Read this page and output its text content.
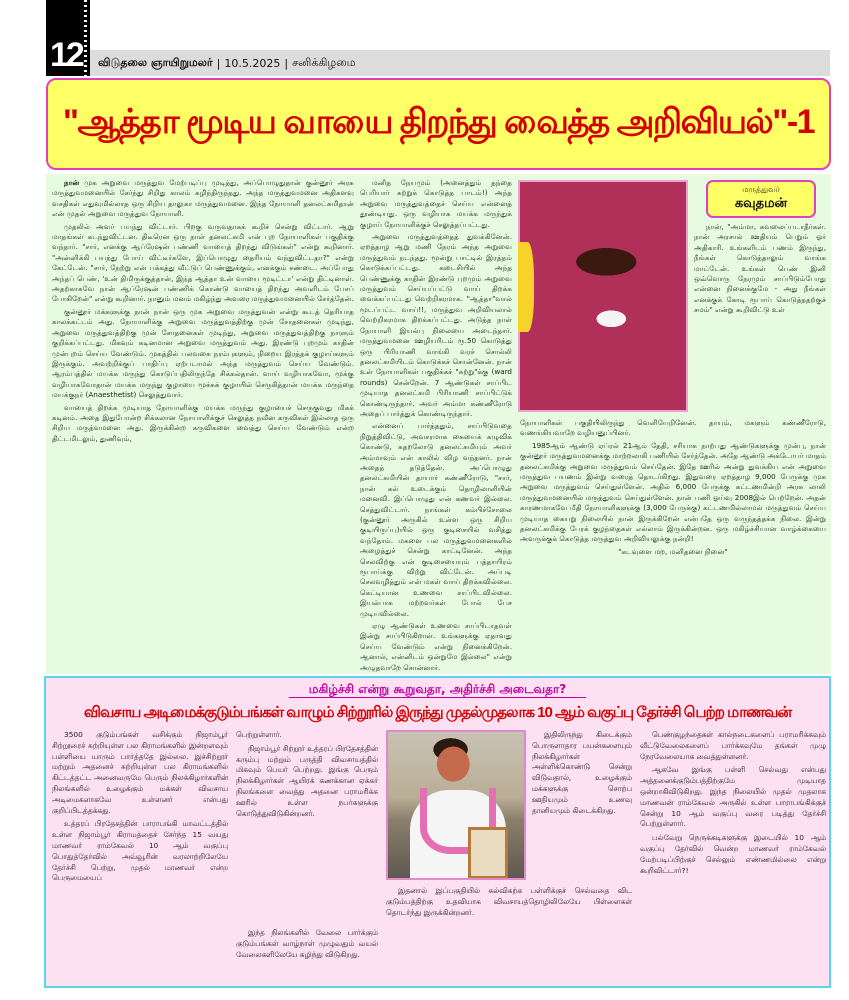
12	விடுதலை ஞாயிறுமலர் | 10.5.2025 | சனிக்கிழமை
"ஆத்தா மூடிய வாயை திறந்து வைத்த அறிவியல்"-1

நான் முக அறுவை மருத்துவ மேற்படிப்பு முடித்து, அப்பொழுதுதான் குன்னூர் அரசு மருத்துவமனையில் சேர்ந்து சிறிது காலம் கழிந்திருந்தது. அந்த மருத்துவமனை அதிகளவு வசதிகள் எதுவுமில்லாத ஒரு சிறிய தாலுகா மருத்துவமனை. இந்த நோயாளி தனலட்சுமிதான் என் முதல் அறுவை மருத்துவ நோயாளி.

முதலில் அவர் பயந்து விட்டார். பிறகு வருவதாகக் கூறிச் சென்று விட்டார். ஆறு மாதங்கள் கடந்துவிட்டன. திடீரென ஒரு நாள் தனலட்சுமி என் புற நோயாளிகள் பகுதிக்கு வந்தார். "சார், எனக்கு ஆப்ரேஷன் பண்ணி வாயைத் திறந்து விடுங்கள்" என்று கூறினார். "அன்னிக்கி பயந்து போய் விட்டீர்களே, இப்பொழுது தைரியம் வந்துவிட்டதா?" என்று கேட்டேன். "சார், நேற்று என் பக்கத்து வீட்டுப் பெண்ணுக்கும், எனக்கும் சண்டை. அப்போது அந்தப் பெண், 'உன் திமிருக்குத்தான், இந்த ஆத்தா உன் வாயை மூடிட்டா' என்று திட்டினாள். அதற்காகவே நான் ஆப்ரேஷன் பண்ணிக் கொண்டு வாயைத் திறந்து அவளிடம் பேசப் போகிறேன்" என்று கூறினார். நானும் மனம் மகிழ்ந்து அவரை மருத்துவமனையில் சேர்த்தேன்.

குன்னூர் மக்களுக்கு நான் நான் ஒரு முக அறுவை மருத்துவன் என்று கூடத் தெரியாத காலக்கட்டம் அது. நோயாளிக்கு அறுவை மருத்துவத்திற்கு முன் சோதனைகள் முடிந்து, அறுவை மருத்துவத்திற்கு முன் சோதனைகள் முடிந்து, அறுவை மருத்துவத்திற்கு நாளும் குறிக்கப்பட்டது. மிகவும் கடினமான அறுவை மருத்துவம் அது. இரண்டு புறமும் காதின் முன்புறம் செய்ய வேண்டும். முகத்தில் பலவகை நரம்புகளும், நிறைய இரத்தக் குழாய்களும் இருக்கும். அவற்றிக்குப் பாதிப்பு ஏற்படாமல் அந்த மருத்துவம் செய்ய வேண்டும். ஆரம்பத்தில் மயக்க மருந்து கொடுப்பதிலிருந்தே சிக்கல்தான். வாய் வழியாகவோ, மூக்கு வழியாகவோதான் மயக்க மருந்து குழாயை மூச்சுக் குழாயில் செருகித்தான் மயக்க மருந்தை மயக்குநர் (Anaesthetist) செலுத்துவார்.

வாயைத் திறக்க முடியாத நோயாளிக்கு மயக்க மருந்து குழாயைச் செருகுவது மிகக் கடினம். அதை இதுபோன்ற சிக்கலான நோயாளிக்குச் செலுத்த நவீன கருவிகள் இல்லாத ஒரு சிறிய மருத்வமனை அது. இருக்கின்ற கருவிகளை வைத்து செய்ய வேண்டும் என்ற திட்டமிடலும், துணிவும்,

மனித நேயமும் (அனைத்தும் தந்தை பெரியார் கற்றுக் கொடுத்த பாடம்!) அந்த அறுவை மருத்துவத்தைச் செய்ய என்னைத் தூண்டியது. ஒரு வழியாக மயக்க மருந்துக் குழாய் நோயாளிக்குச் செலுத்தப்பட்டது.

அறுவை மருத்துவத்தைத் துவக்கினேன். ஏறத்தாழ ஆறு மணி நேரம் அந்த அறுவை மருத்துவம் நடந்தது. மூன்று பாட்டில் இரத்தம் கொடுக்கப்பட்டது. கடைசியில் அந்த பெண்ணுக்கு காதின் இரண்டு புறமும் அறுவை மருத்துவம் செய்யப்பட்டு வாய் திறக்க வைக்கப்பட்டது வெற்றிகரமாக. "ஆத்தா"வால் மூடப்பட்ட வாய்!!, மருத்துவ அறிவியலால் வெற்றிகரமாக திறக்கப்பட்டது. அடுத்த நாள் நோயாளி இயல்பு நிலையை அடைந்தார். மருத்துவமனை ஊழியரிடம் ரூ.50 கொடுத்து ஒரு பிரியாணி வாங்கி வரச் சொல்லி தனலட்சுமியிடம் கொடுக்கச் சொன்னேன். நான் உள் நோயாளிகள் பகுதிக்கச் "சுற்று"க்கு (ward rounds) சென்றேன். 7 ஆண்டுகள் சாப்பிட முடியாத தனலட்சுமி பிரியாணி சாப்பிட்டுக் கொண்டிருந்தார். அவர் அம்மா கண்ணீரோடு அதைப் பார்த்துக் கொண்டிருந்தார்.

என்னைப் பார்த்ததும், சாப்பிடுவதை நிறுத்திவிட்டு, அவசரமாக கையைக் கழுவிக் கொண்டு, கதறலோடு தனலட்சுமியும் அவர் அம்மாவும் என் காலில் விழ வந்தனர். நான் அதைத் தடுத்தேன். அப்பொழுது தனலட்சுமியின் தாயார் கண்ணீரோடு, "சார், நான் கல் உடைக்கும் தொழிலாளியின் மனைவி. இப்பொழுது என் கணவர் இல்லை. செத்துவிட்டார். நாங்கள் கம்பிச்சோலை (குன்னூர் அருகில் உள்ள ஒரு சிறிய குடியிருப்பு)யில் ஒரு குடிசையில் வசித்து வந்தோம். மகளை பல மருத்துவமனைகளில் அழைத்துச் சென்று காட்டினேன். அந்த செலவிற்கு என் குடிசையையும் பத்தாயிரம் ரூபாய்க்கு விற்று விட்டேன். அப்படி செலவழித்தும் என் மகள் வாய் திறக்கவில்லை. கெட்டியான உணவை சாப்பிடவில்லை. இயல்பாக மற்றவர்கள் போல் பேச முடியவில்லை.

ஏழு ஆண்டுகள் உணவை சாப்பிடாதவள் இன்று சாப்பிடுகிறாள். உங்களுக்கு ஏதாவது செய்ய வேண்டும் என்று நினைக்கிறேன். ஆனால், என்னிடம் ஒன்றுமே இல்லை" என்று அழுதவாறே சொன்னார்.

மருத்துவர்
கவுதமன்

நான், "அம்மா, கவலைப்படாதீர்கள். நான் அரசால் ஊதியம் பெறும் ஓர் அதிகாரி. உங்களிடம் பணம் இருந்து, நீங்கள் கொடுத்தாலும் வாங்க மாட்டேன். உங்கள் பெண் இனி ஒவ்வொரு நேரமும் சாப்பிடும்போது என்னை நினைக்குமே - அது நீங்கள் எனக்குக் கோடி ரூபாய் கொடுத்ததற்குச் சமம்" என்று கூறிவிட்டு உள்

நோயாளிகள் பகுதியிலிருந்து வெளியேறினேன். தாயும், மகளும் கண்ணீரோடு, வணங்கியவாறே வழியனுப்பினர்.

1985ஆம் ஆண்டு ஏப்ரல் 21ஆம் தேதி, சரியாக நாற்பது ஆண்டுகளுக்கு முன்பு, நான் குன்னூர் மருத்துவமனைக்கு மாற்றலாகி பணியில் சேர்ந்தேன். அதே ஆண்டு அக்டோபர் மாதம் தனலட்சுமிக்கு அறுவை மருத்துவம் செய்தேன். இதே ஊரில் அன்று துவக்கிய என் அறுவை மருத்துவ பயணம் இன்று வரைத் தொடர்கிறது. இதுவரை ஏறத்தாழ 9,000 பேருக்கு முக அறுவை மருத்துவம் செய்துள்ளேன். அதில் 6,000 பேருக்கு கட்டணமின்றி அரசு லாலி மருத்துவமனையில் மருத்துவம் செய்துள்ளேன். நான் பணி ஓய்வு 2008இல் பெற்றேன். அதன் காரணமாகவே மீதி நோயாளிகளுக்கு (3,000 பேருக்கு) கட்டணமில்லாமல் மருத்துவம் செய்ய முடியாத கையறு நிலையில் நான் இருக்கிறேன் என்பதே ஒரு வருந்தத்தக்க நிலை. இன்று தனலட்சுமிக்கு பேரக் குழந்தைகள் எல்லாம் இருக்கின்றன. ஒரு மகிழ்ச்சியான வாழ்க்கையை அவருக்குக் கொடுத்த மருத்துவ அறிவியலுக்கு நன்றி!

"கடவுளை மற, மனிதனை நினை"

மகிழ்ச்சி என்று கூறுவதா, அதிர்ச்சி அடைவதா?
விவசாய அடிமைக்குடும்பங்கள் வாழும் சிற்றூரில் இருந்து முதல்முதலாக 10 ஆம் வகுப்பு தேர்ச்சி பெற்ற மாணவன்

3500 குடும்பங்கள் வசிக்கும் நிஜாம்பூர் சிற்றூரைச் சுற்றியுள்ள பல கிராமங்களில் இன்றளவும் பள்ளியை யாரும் பார்த்ததே இல்லை. இச்சிற்றூர் மற்றும் அதனைச் சுற்றியுள்ள பல கிராமங்களில் கிட்டத்தட்ட அனைவருமே பெரும் நிலக்கிழார்களின் நிலங்களில் உழைக்கும் மக்கள் விவசாய அடிமைகளாகவே உள்ளனர் என்பது குறிப்பிடத்தக்கது.

உத்தரப் பிரதேசத்தின் பாராபங்கி மாவட்டத்தில் உள்ள நிஜாம்பூர் கிராமத்தைச் சேர்ந்த 15 வயது மாணவர் ராம்கேவல் 10 ஆம் வகுப்பு பொதுத்தேர்வில் அவ்வூரின் வரலாற்றிலேயே தேர்ச்சி பெற்று, முதல் மாணவர் என்ற பெருமையைப்

பெற்றுள்ளார்.

நிஜாம்பூர் சிற்றூர் உத்தரப் பிரதேசத்தின் கரும்பு மற்றும் பருத்தி விவசாயத்தில் மிகவும் பெயர் பெற்றது. இங்கு பெரும் நிலக்கிழார்கள் ஆயிரக் கணக்கான ஏக்கர் நிலங்களை வைத்து அதனை பராமரிக்க ஊரில் உள்ள நபர்களுக்கு கொடுத்துவிடுகின்றனர்.

இதனால் இப்பகுதியில் கல்விகற்க பள்ளிக்குச் செல்வதை விட குடும்பத்திற்கு உதவியாக விவசாயத்தொழிலிலேயே பிள்ளைகள் தொடர்ந்து இருக்கின்றனர்.

இதிலிருந்து கிடைக்கும் பொருளாதார பயன்களையும் நிலக்கிழார்கள் அள்ளிக்கொண்டு சென்று விடுவதால், உழைக்கும் மக்களுக்கு சொற்ப ஊதியமும் உணவு தானியமும் கிடைக்கிறது.

பெண்குழந்தைகள் கால்நடைகளைப் பராமரிக்கவும் வீட்டுவேலைகளைப் பார்க்கவுமே தங்கள் முழு நேரவேலையாக வைத்துள்ளனர்.

ஆகவே இங்கு பள்ளி செல்வது என்பது அத்தனைக்குடும்பத்திற்குமே முடியாத ஒன்றாகிவிடுகிறது. இந்த நிலையில் முதல் முதலாக மாணவன் ராம்கேவல் அருகில் உள்ள பாராபங்கிக்குச் சென்று 10 ஆம் வகுப்பு வரை படித்து தேர்ச்சி பெற்றுள்ளார்.

பல்வேறு நெருக்கடிகளுக்கு இடையில் 10 ஆம் வகுப்பு தேர்வில் வென்ற மாணவர் ராம்கேவல் மேற்படிப்பிற்குச் செல்லும் எண்ணமில்லை என்று கூறிவிட்டார்?!

இந்த நிலங்களில் வேலை பார்க்கும் குடும்பங்கள் வாழ்நாள் முழுவதும் வயல் வேலைகளிலேயே கழிந்து விடுகிறது.
